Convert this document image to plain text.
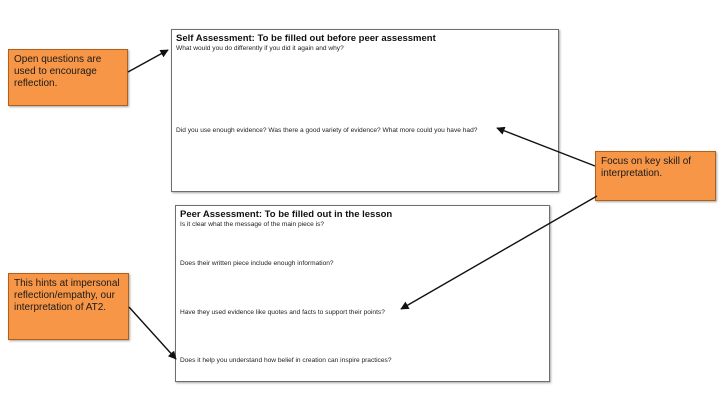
Self Assessment: To be filled out before peer assessment
What would you do differently if you did it again and why?
Did you use enough evidence? Was there a good variety of evidence? What more could you have had?
Peer Assessment: To be filled out in the lesson
Is it clear what the message of the main piece is?
Does their written piece include enough information?
Have they used evidence like quotes and facts to support their points?
Does it help you understand how belief in creation can inspire practices?
Open questions are used to encourage reflection.
Focus on key skill of interpretation.
This hints at impersonal reflection/empathy, our interpretation of AT2.
